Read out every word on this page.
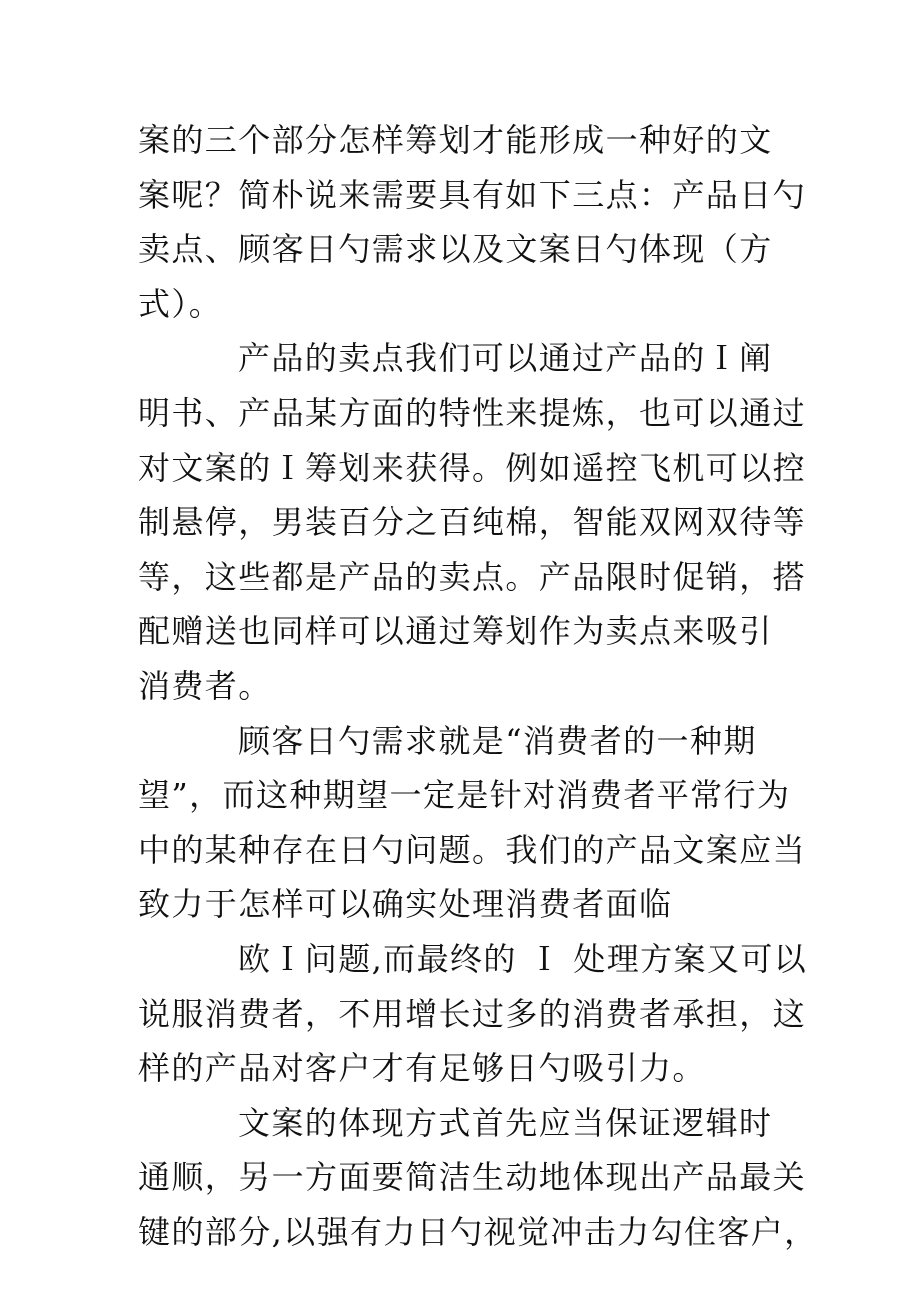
案的三个部分怎样筹划才能形成一种好的文
案呢？简朴说来需要具有如下三点：产品日勺
卖点、顾客日勺需求以及文案日勺体现（方
式）。
产品的卖点我们可以通过产品的Ｉ阐
明书、产品某方面的特性来提炼，也可以通过
对文案的Ｉ筹划来获得。例如遥控飞机可以控
制悬停，男装百分之百纯棉，智能双网双待等
等，这些都是产品的卖点。产品限时促销，搭
配赠送也同样可以通过筹划作为卖点来吸引
消费者。
顾客日勺需求就是“消费者的一种期
望”，而这种期望一定是针对消费者平常行为
中的某种存在日勺问题。我们的产品文案应当
致力于怎样可以确实处理消费者面临
欧Ｉ问题,而最终的 Ｉ 处理方案又可以
说服消费者，不用增长过多的消费者承担，这
样的产品对客户才有足够日勺吸引力。
文案的体现方式首先应当保证逻辑时
通顺，另一方面要简洁生动地体现出产品最关
键的部分,以强有力日勺视觉冲击力勾住客户，
